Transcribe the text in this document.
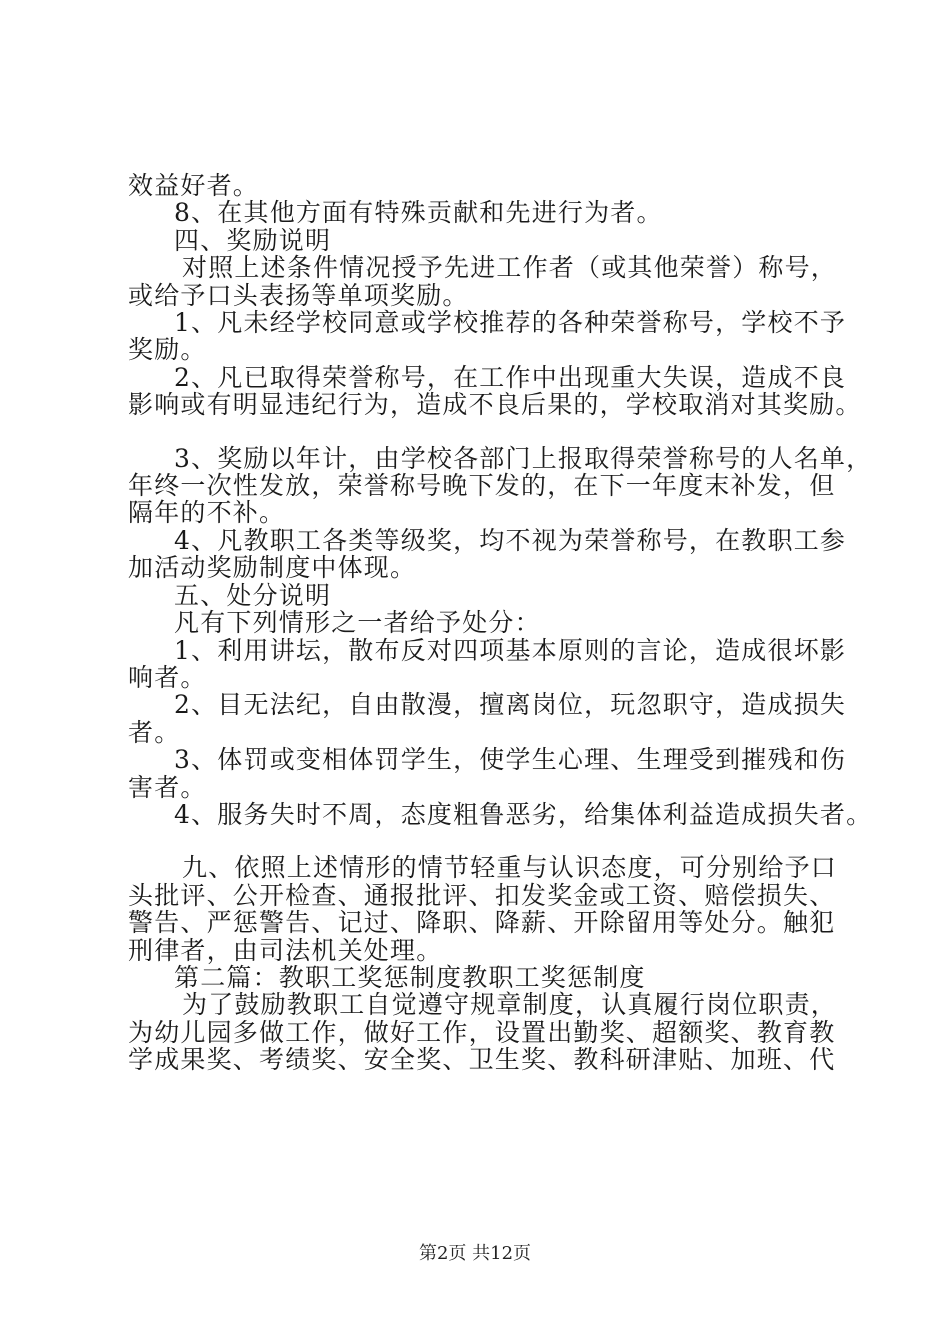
效益好者。
8、在其他方面有特殊贡献和先进行为者。
四、奖励说明
对照上述条件情况授予先进工作者（或其他荣誉）称号，
或给予口头表扬等单项奖励。
1、凡未经学校同意或学校推荐的各种荣誉称号，学校不予
奖励。
2、凡已取得荣誉称号，在工作中出现重大失误，造成不良
影响或有明显违纪行为，造成不良后果的，学校取消对其奖励。
3、奖励以年计，由学校各部门上报取得荣誉称号的人名单，
年终一次性发放，荣誉称号晚下发的，在下一年度末补发，但
隔年的不补。
4、凡教职工各类等级奖，均不视为荣誉称号，在教职工参
加活动奖励制度中体现。
五、处分说明
凡有下列情形之一者给予处分：
1、利用讲坛，散布反对四项基本原则的言论，造成很坏影
响者。
2、目无法纪，自由散漫，擅离岗位，玩忽职守，造成损失
者。
3、体罚或变相体罚学生，使学生心理、生理受到摧残和伤
害者。
4、服务失时不周，态度粗鲁恶劣，给集体利益造成损失者。
九、依照上述情形的情节轻重与认识态度，可分别给予口
头批评、公开检查、通报批评、扣发奖金或工资、赔偿损失、
警告、严惩警告、记过、降职、降薪、开除留用等处分。触犯
刑律者，由司法机关处理。
第二篇：教职工奖惩制度教职工奖惩制度
为了鼓励教职工自觉遵守规章制度，认真履行岗位职责，
为幼儿园多做工作，做好工作，设置出勤奖、超额奖、教育教
学成果奖、考绩奖、安全奖、卫生奖、教科研津贴、加班、代
第2页 共12页
